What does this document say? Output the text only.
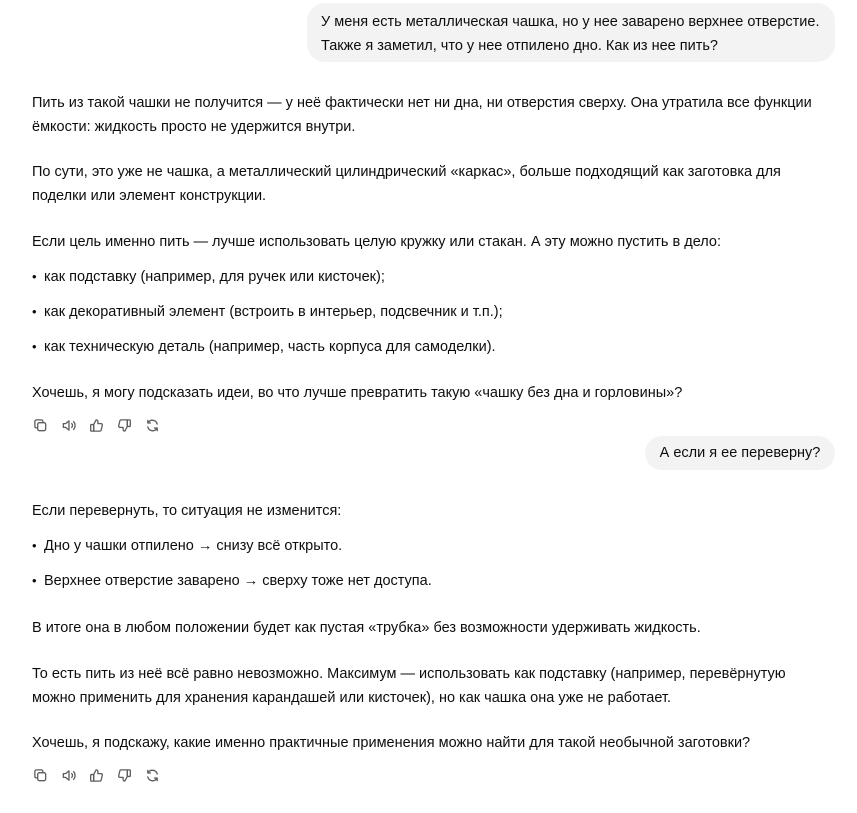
У меня есть металлическая чашка, но у нее заварено верхнее отверстие.
Также я заметил, что у нее отпилено дно. Как из нее пить?

Пить из такой чашки не получится — у неё фактически нет ни дна, ни отверстия сверху. Она утратила все функции

ёмкости: жидкость просто не удержится внутри.

По сути, это уже не чашка, а металлический цилиндрический «каркас», больше подходящий как заготовка для

поделки или элемент конструкции.

Если цель именно пить — лучше использовать целую кружку или стакан. А эту можно пустить в дело:

• как подставку (например, для ручек или кисточек);
• как декоративный элемент (встроить в интерьер, подсвечник и т.п.);
• как техническую деталь (например, часть корпуса для самоделки).

Хочешь, я могу подсказать идеи, во что лучше превратить такую «чашку без дна и горловины»?

А если я ее переверну?

Если перевернуть, то ситуация не изменится:

• Дно у чашки отпилено → снизу всё открыто.
• Верхнее отверстие заварено → сверху тоже нет доступа.

В итоге она в любом положении будет как пустая «трубка» без возможности удерживать жидкость.

То есть пить из неё всё равно невозможно. Максимум — использовать как подставку (например, перевёрнутую

можно применить для хранения карандашей или кисточек), но как чашка она уже не работает.

Хочешь, я подскажу, какие именно практичные применения можно найти для такой необычной заготовки?
